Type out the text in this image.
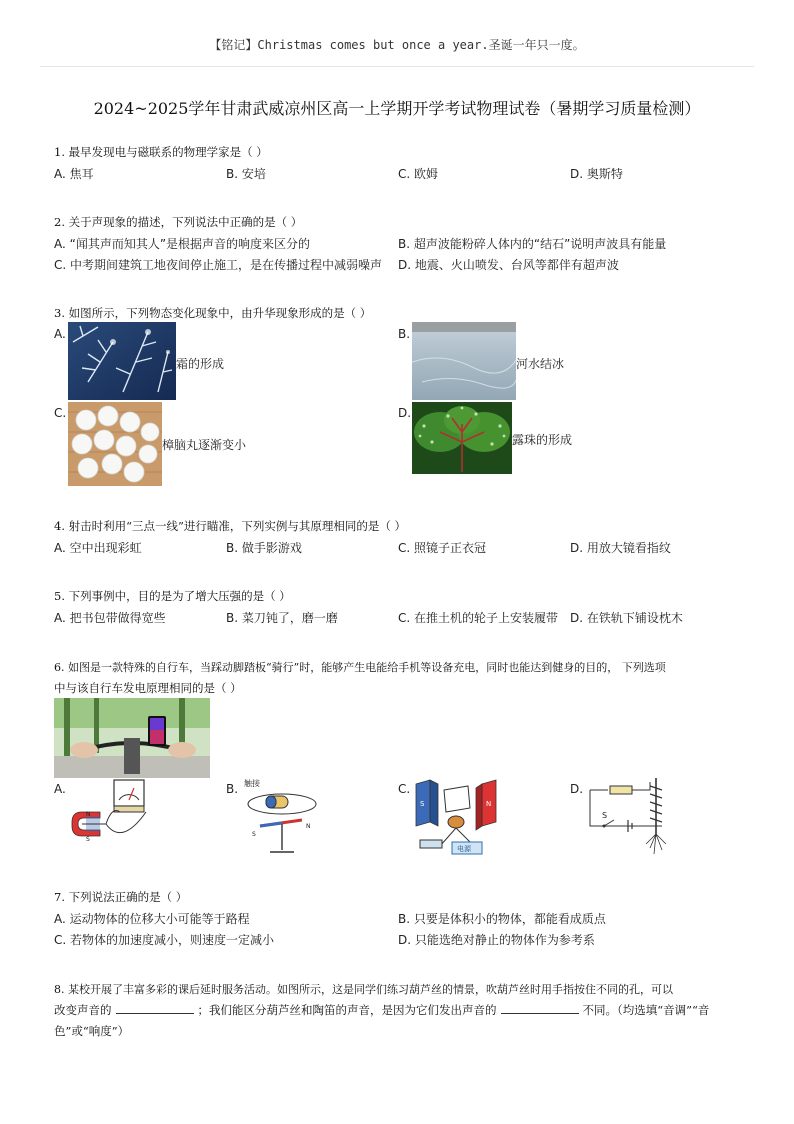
【铭记】Christmas comes but once a year.圣诞一年只一度。
2024~2025学年甘肃武威凉州区高一上学期开学考试物理试卷（暑期学习质量检测）
1. 最早发现电与磁联系的物理学家是（ ）
A. 焦耳	B. 安培	C. 欧姆	D. 奥斯特
2. 关于声现象的描述，下列说法中正确的是（ ）
A. “闻其声而知其人”是根据声音的响度来区分的	B. 超声波能粉碎人体内的“结石”说明声波具有能量
C. 中考期间建筑工地夜间停止施工，是在传播过程中减弱噪声 D. 地震、火山喷发、台风等都伴有超声波
3. 如图所示，下列物态变化现象中，由升华现象形成的是（ ）
A.
霜的形成
B.
河水结冰
C.
樟脑丸逐渐变小
D.
露珠的形成
4. 射击时利用“三点一线”进行瞄准，下列实例与其原理相同的是（ ）
A. 空中出现彩虹	B. 做手影游戏	C. 照镜子正衣冠	D. 用放大镜看指纹
5. 下列事例中，目的是为了增大压强的是（ ）
A. 把书包带做得宽些	B. 菜刀钝了，磨一磨	C. 在推土机的轮子上安装履带 D. 在铁轨下铺设枕木
6. 如图是一款特殊的自行车，当踩动脚踏板“骑行”时，能够产生电能给手机等设备充电，同时也能达到健身的目的， 下列选项
中与该自行车发电原理相同的是（ ）
A.
N
S
B. 触接
S
N
C.
电源
S	N
D.
S
7. 下列说法正确的是（ ）
A. 运动物体的位移大小可能等于路程	B. 只要是体积小的物体，都能看成质点
C. 若物体的加速度减小，则速度一定减小	D. 只能选绝对静止的物体作为参考系
8. 某校开展了丰富多彩的课后延时服务活动。如图所示，这是同学们练习葫芦丝的情景，吹葫芦丝时用手指按住不同的孔，可以
改变声音的	；我们能区分葫芦丝和陶笛的声音，是因为它们发出声音的	不同。（均选填“音调”“音
色”或“响度”）
